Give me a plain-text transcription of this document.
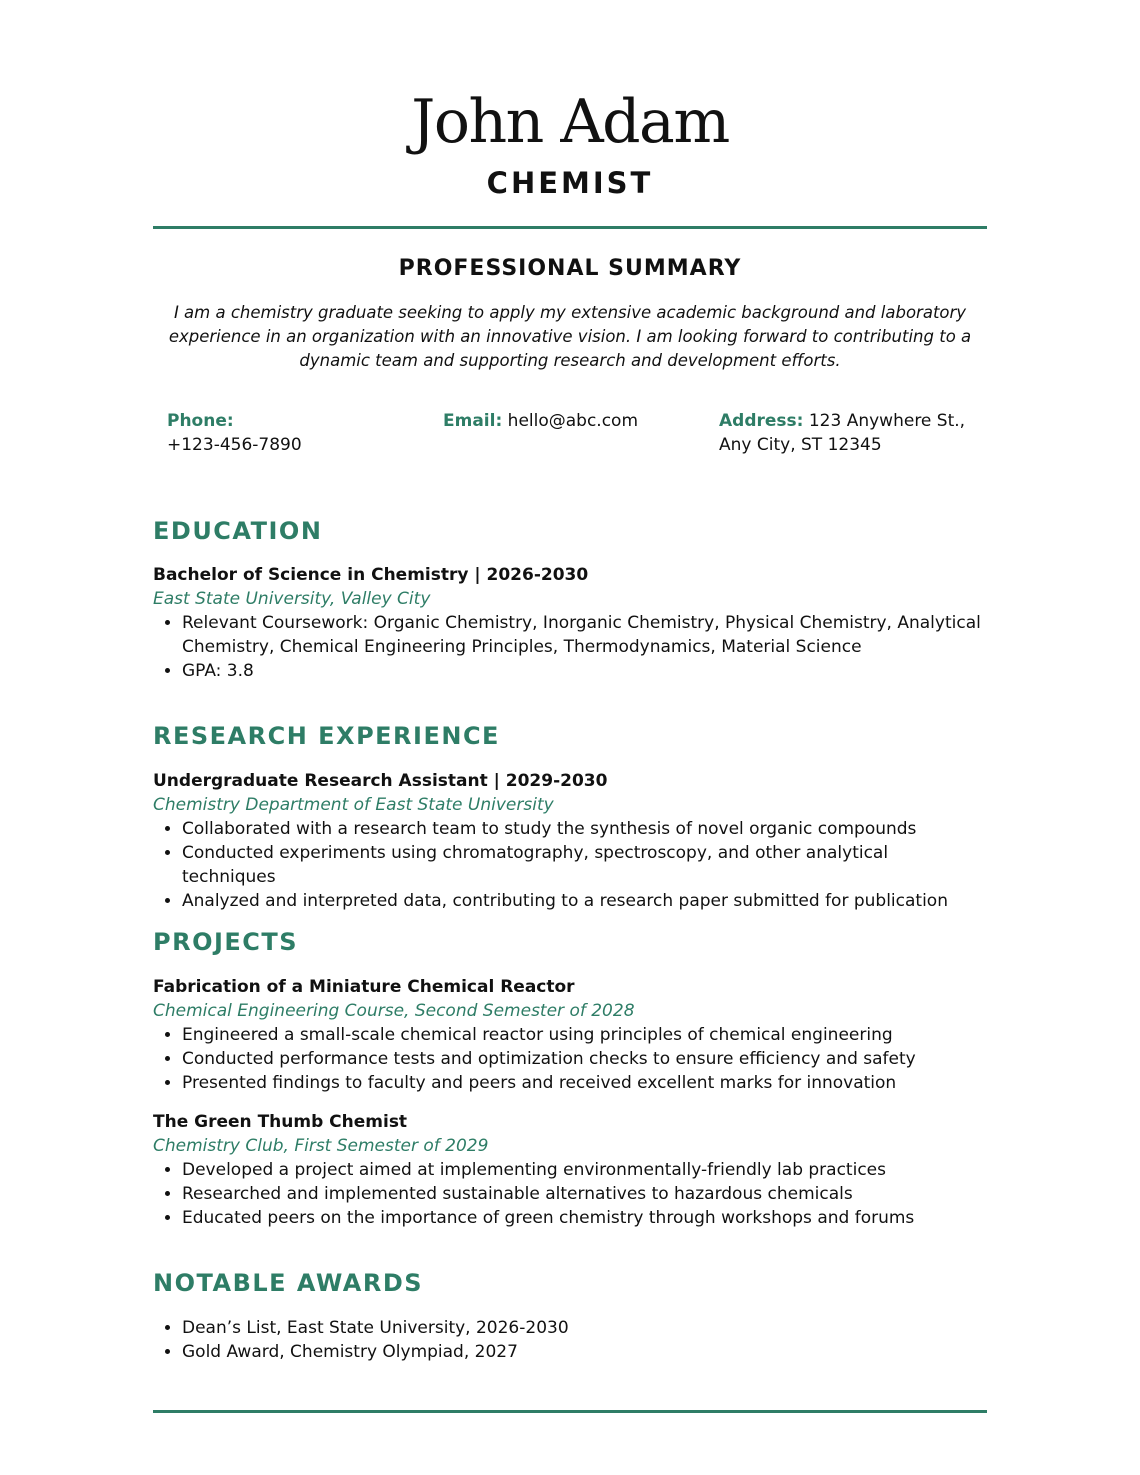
John Adam
CHEMIST
PROFESSIONAL SUMMARY
I am a chemistry graduate seeking to apply my extensive academic background and laboratory experience in an organization with an innovative vision. I am looking forward to contributing to a dynamic team and supporting research and development efforts.
Phone:
+123-456-7890
Email: hello@abc.com	Address: 123 Anywhere St.,
Any City, ST 12345
EDUCATION
Bachelor of Science in Chemistry | 2026-2030
East State University, Valley City
• Relevant Coursework: Organic Chemistry, Inorganic Chemistry, Physical Chemistry, Analytical Chemistry, Chemical Engineering Principles, Thermodynamics, Material Science
• GPA: 3.8
RESEARCH EXPERIENCE
Undergraduate Research Assistant | 2029-2030
Chemistry Department of East State University
• Collaborated with a research team to study the synthesis of novel organic compounds
• Conducted experiments using chromatography, spectroscopy, and other analytical techniques
• Analyzed and interpreted data, contributing to a research paper submitted for publication
PROJECTS
Fabrication of a Miniature Chemical Reactor
Chemical Engineering Course, Second Semester of 2028
• Engineered a small-scale chemical reactor using principles of chemical engineering
• Conducted performance tests and optimization checks to ensure efficiency and safety
• Presented findings to faculty and peers and received excellent marks for innovation
The Green Thumb Chemist
Chemistry Club, First Semester of 2029
• Developed a project aimed at implementing environmentally-friendly lab practices
• Researched and implemented sustainable alternatives to hazardous chemicals
• Educated peers on the importance of green chemistry through workshops and forums
NOTABLE AWARDS
• Dean’s List, East State University, 2026-2030
• Gold Award, Chemistry Olympiad, 2027
